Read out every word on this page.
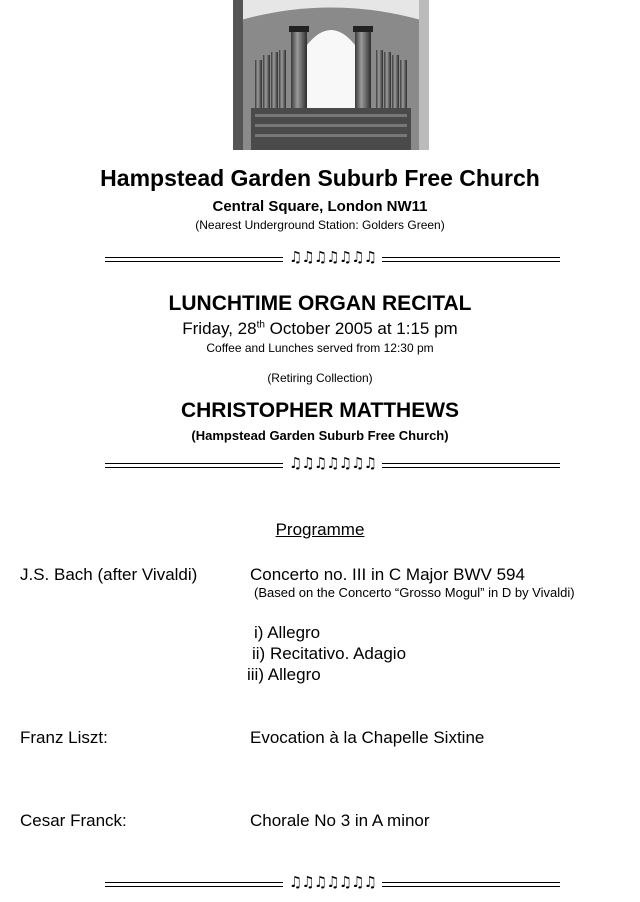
Hampstead Garden Suburb Free Church
Central Square, London NW11
(Nearest Underground Station: Golders Green)
♫♫♫♫♫♫♫
LUNCHTIME ORGAN RECITAL
Friday, 28th October 2005 at 1:15 pm
Coffee and Lunches served from 12:30 pm
(Retiring Collection)
CHRISTOPHER MATTHEWS
(Hampstead Garden Suburb Free Church)
♫♫♫♫♫♫♫
Programme
J.S. Bach (after Vivaldi)	Concerto no. III in C Major BWV 594
(Based on the Concerto “Grosso Mogul” in D by Vivaldi)
i) Allegro
ii) Recitativo. Adagio
iii) Allegro
Franz Liszt:	Evocation à la Chapelle Sixtine
Cesar Franck:	Chorale No 3 in A minor
♫♫♫♫♫♫♫
